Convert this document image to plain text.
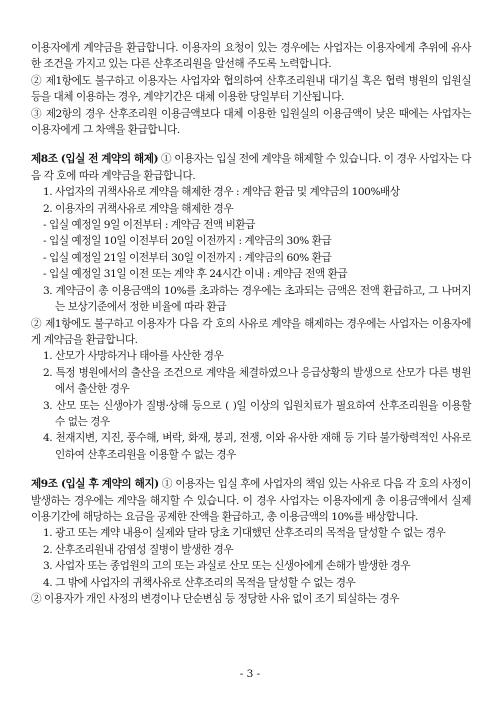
이용자에게 계약금을 환급합니다. 이용자의 요청이 있는 경우에는 사업자는 이용자에게 추위에 유사한 조건을 가지고 있는 다른 산후조리원을 알선해 주도록 노력합니다.

② 제1항에도 불구하고 이용자는 사업자와 협의하여 산후조리원내 대기실 혹은 협력 병원의 입원실 등을 대체 이용하는 경우, 계약기간은 대체 이용한 당일부터 기산됩니다.

③ 제2항의 경우 산후조리원 이용금액보다 대체 이용한 입원실의 이용금액이 낮은 때에는 사업자는 이용자에게 그 차액을 환급합니다.

제8조 (입실 전 계약의 해제) ① 이용자는 입실 전에 계약을 해제할 수 있습니다. 이 경우 사업자는 다음 각 호에 따라 계약금을 환급합니다.

1. 사업자의 귀책사유로 계약을 해제한 경우 : 계약금 환급 및 계약금의 100%배상

2. 이용자의 귀책사유로 계약을 해제한 경우

- 입실 예정일 9일 이전부터 : 계약금 전액 비환급

- 입실 예정일 10일 이전부터 20일 이전까지 : 계약금의 30% 환급

- 입실 예정일 21일 이전부터 30일 이전까지 : 계약금의 60% 환급

- 입실 예정일 31일 이전 또는 계약 후 24시간 이내 : 계약금 전액 환급

3. 계약금이 총 이용금액의 10%를 초과하는 경우에는 초과되는 금액은 전액 환급하고, 그 나머지는 보상기준에서 정한 비율에 따라 환급

② 제1항에도 불구하고 이용자가 다음 각 호의 사유로 계약을 해제하는 경우에는 사업자는 이용자에게 계약금을 환급합니다.

1. 산모가 사망하거나 태아를 사산한 경우

2. 특정 병원에서의 출산을 조건으로 계약을 체결하였으나 응급상황의 발생으로 산모가 다른 병원에서 출산한 경우

3. 산모 또는 신생아가 질병·상해 등으로 ( )일 이상의 입원치료가 필요하여 산후조리원을 이용할 수 없는 경우

4. 천재지변, 지진, 풍수해, 벼락, 화재, 붕괴, 전쟁, 이와 유사한 재해 등 기타 불가항력적인 사유로 인하여 산후조리원을 이용할 수 없는 경우

제9조 (입실 후 계약의 해지) ① 이용자는 입실 후에 사업자의 책임 있는 사유로 다음 각 호의 사정이 발생하는 경우에는 계약을 해지할 수 있습니다. 이 경우 사업자는 이용자에게 총 이용금액에서 실제 이용기간에 해당하는 요금을 공제한 잔액을 환급하고, 총 이용금액의 10%를 배상합니다.

1. 광고 또는 계약 내용이 실제와 달라 당초 기대했던 산후조리의 목적을 달성할 수 없는 경우

2. 산후조리원내 감염성 질병이 발생한 경우

3. 사업자 또는 종업원의 고의 또는 과실로 산모 또는 신생아에게 손해가 발생한 경우

4. 그 밖에 사업자의 귀책사유로 산후조리의 목적을 달성할 수 없는 경우

② 이용자가 개인 사정의 변경이나 단순변심 등 정당한 사유 없이 조기 퇴실하는 경우

- 3 -
